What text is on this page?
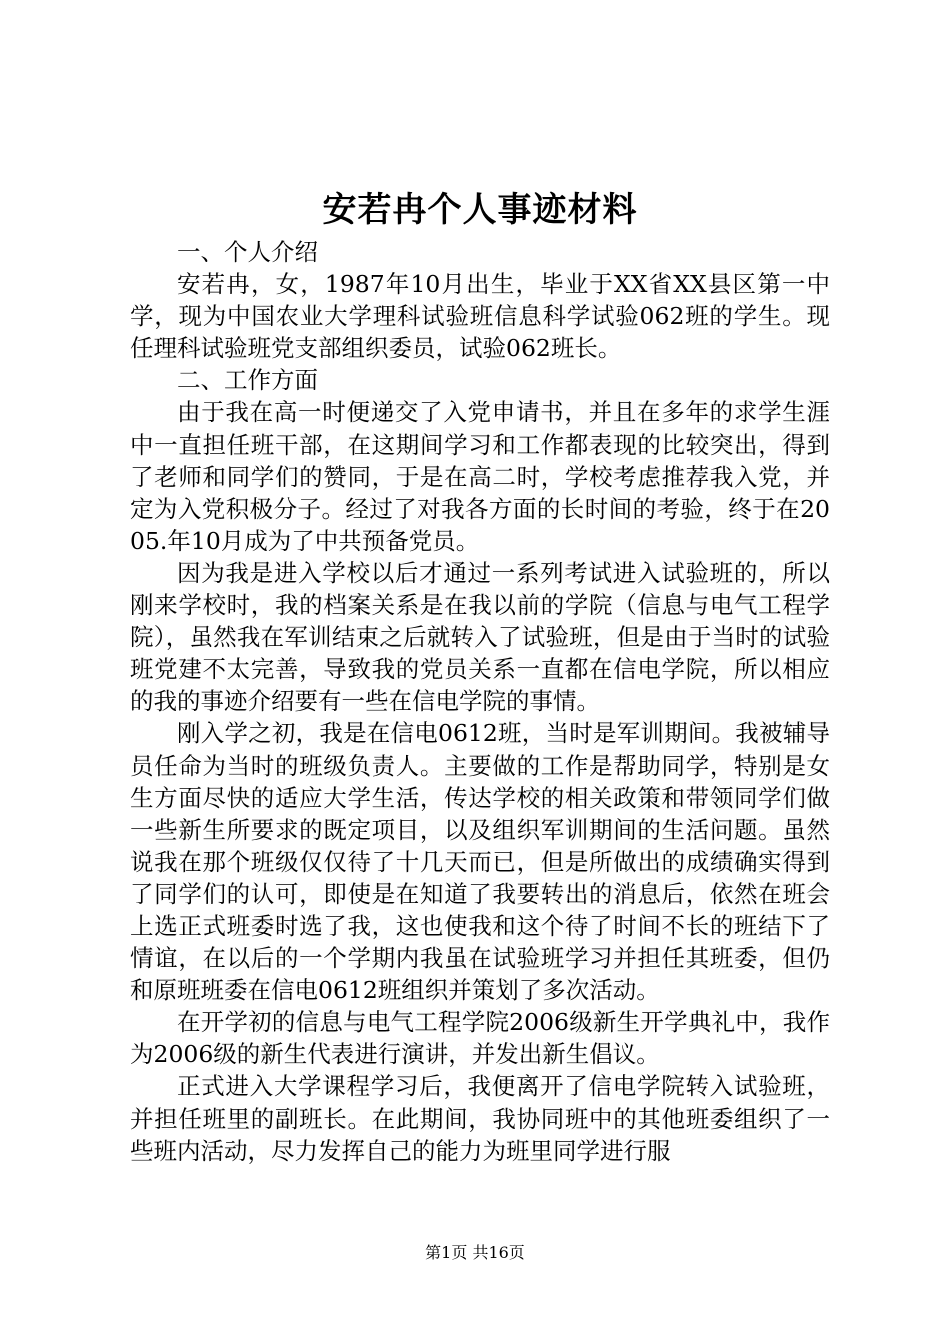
安若冉个人事迹材料

一、个人介绍

安若冉，女，1987年10月出生，毕业于XX省XX县区第一中学，现为中国农业大学理科试验班信息科学试验062班的学生。现任理科试验班党支部组织委员，试验062班长。

二、工作方面

由于我在高一时便递交了入党申请书，并且在多年的求学生涯中一直担任班干部，在这期间学习和工作都表现的比较突出，得到了老师和同学们的赞同，于是在高二时，学校考虑推荐我入党，并定为入党积极分子。经过了对我各方面的长时间的考验，终于在2005.年10月成为了中共预备党员。

因为我是进入学校以后才通过一系列考试进入试验班的，所以刚来学校时，我的档案关系是在我以前的学院（信息与电气工程学院），虽然我在军训结束之后就转入了试验班，但是由于当时的试验班党建不太完善，导致我的党员关系一直都在信电学院，所以相应的我的事迹介绍要有一些在信电学院的事情。

刚入学之初，我是在信电0612班，当时是军训期间。我被辅导员任命为当时的班级负责人。主要做的工作是帮助同学，特别是女生方面尽快的适应大学生活，传达学校的相关政策和带领同学们做一些新生所要求的既定项目，以及组织军训期间的生活问题。虽然说我在那个班级仅仅待了十几天而已，但是所做出的成绩确实得到了同学们的认可，即使是在知道了我要转出的消息后，依然在班会上选正式班委时选了我，这也使我和这个待了时间不长的班结下了情谊，在以后的一个学期内我虽在试验班学习并担任其班委，但仍和原班班委在信电0612班组织并策划了多次活动。

在开学初的信息与电气工程学院2006级新生开学典礼中，我作为2006级的新生代表进行演讲，并发出新生倡议。

正式进入大学课程学习后，我便离开了信电学院转入试验班，并担任班里的副班长。在此期间，我协同班中的其他班委组织了一些班内活动，尽力发挥自己的能力为班里同学进行服

第1页 共16页
